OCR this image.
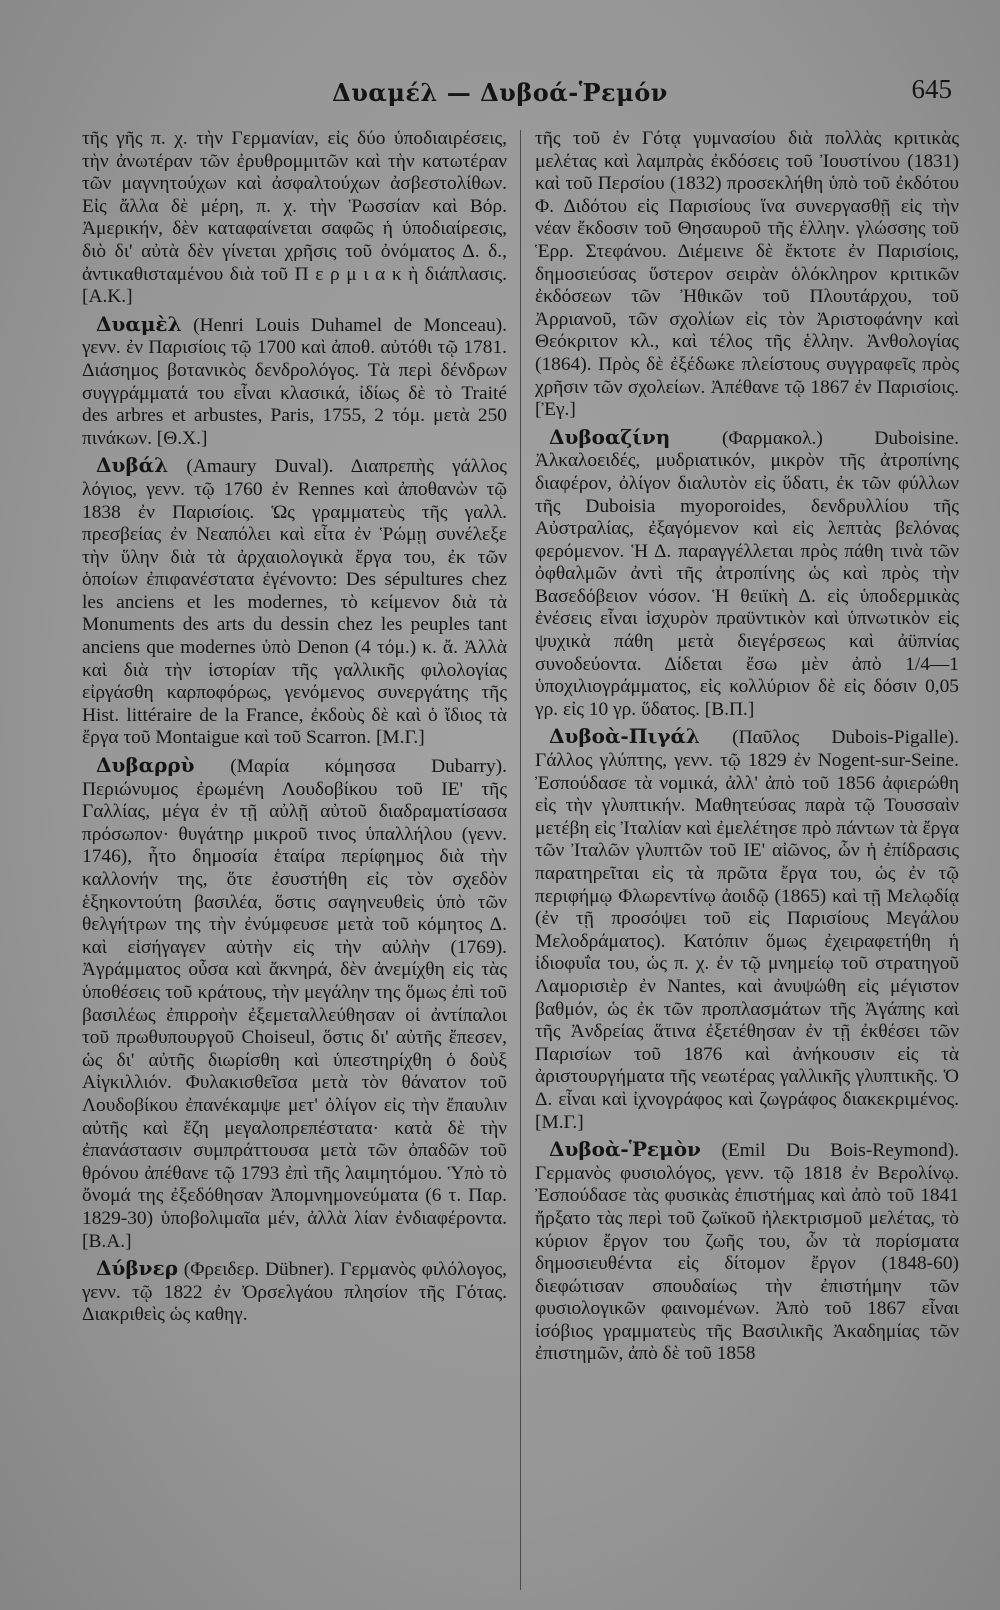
Δυαμέλ — Δυβοά-Ῥεμόν	645

τῆς γῆς π. χ. τὴν Γερμανίαν, εἰς δύο ὑποδιαιρέσεις, τὴν ἀνωτέραν τῶν ἐρυθρομμιτῶν καὶ τὴν κατωτέραν τῶν μαγνητούχων καὶ ἀσφαλτούχων ἀσβεστολίθων. Εἰς ἄλλα δὲ μέρη, π. χ. τὴν Ῥωσσίαν καὶ Βόρ. Ἀμερικήν, δὲν καταφαίνεται σαφῶς ἡ ὑποδιαίρεσις, διὸ δι' αὐτὰ δὲν γίνεται χρῆσις τοῦ ὀνόματος Δ. δ., ἀντικαθισταμένου διὰ τοῦ Π ε ρ μ ι α κ ὴ διάπλασις. [Α.Κ.]

Δυαμὲλ (Henri Louis Duhamel de Monceau). γενν. ἐν Παρισίοις τῷ 1700 καὶ ἀποθ. αὐτόθι τῷ 1781. Διάσημος βοτανικὸς δενδρολόγος. Τὰ περὶ δένδρων συγγράμματά του εἶναι κλασικά, ἰδίως δὲ τὸ Traité des arbres et arbustes, Paris, 1755, 2 τόμ. μετὰ 250 πινάκων. [Θ.Χ.]

Δυβάλ (Amaury Duval). Διαπρεπὴς γάλλος λόγιος, γενν. τῷ 1760 ἐν Rennes καὶ ἀποθανὼν τῷ 1838 ἐν Παρισίοις. Ὡς γραμματεὺς τῆς γαλλ. πρεσβείας ἐν Νεαπόλει καὶ εἶτα ἐν Ῥώμῃ συνέλεξε τὴν ὕλην διὰ τὰ ἀρχαιολογικὰ ἔργα του, ἐκ τῶν ὁποίων ἐπιφανέστατα ἐγένοντο: Des sépultures chez les anciens et les modernes, τὸ κείμενον διὰ τὰ Monuments des arts du dessin chez les peuples tant anciens que modernes ὑπὸ Denon (4 τόμ.) κ. ἄ. Ἀλλὰ καὶ διὰ τὴν ἱστορίαν τῆς γαλλικῆς φιλολογίας εἰργάσθη καρποφόρως, γενόμενος συνεργάτης τῆς Hist. littéraire de la France, ἐκδοὺς δὲ καὶ ὁ ἴδιος τὰ ἔργα τοῦ Montaigue καὶ τοῦ Scarron. [Μ.Γ.]

Δυβαρρὺ (Μαρία κόμησσα Dubarry). Περιώνυμος ἐρωμένη Λουδοβίκου τοῦ ΙΕ' τῆς Γαλλίας, μέγα ἐν τῇ αὐλῇ αὐτοῦ διαδραματίσασα πρόσωπον· θυγάτηρ μικροῦ τινος ὑπαλλήλου (γενν. 1746), ἦτο δημοσία ἑταίρα περίφημος διὰ τὴν καλλονήν της, ὅτε ἐσυστήθη εἰς τὸν σχεδὸν ἑξηκοντούτη βασιλέα, ὅστις σαγηνευθεὶς ὑπὸ τῶν θελγήτρων της τὴν ἐνύμφευσε μετὰ τοῦ κόμητος Δ. καὶ εἰσήγαγεν αὐτὴν εἰς τὴν αὐλὴν (1769). Ἀγράμματος οὖσα καὶ ἄκνηρά, δὲν ἀνεμίχθη εἰς τὰς ὑποθέσεις τοῦ κράτους, τὴν μεγάλην της ὅμως ἐπὶ τοῦ βασιλέως ἐπιρροὴν ἐξεμεταλλεύθησαν οἱ ἀντίπαλοι τοῦ πρωθυπουργοῦ Choiseul, ὅστις δι' αὐτῆς ἔπεσεν, ὡς δι' αὐτῆς διωρίσθη καὶ ὑπεστηρίχθη ὁ δοὺξ Αἰγκιλλιόν. Φυλακισθεῖσα μετὰ τὸν θάνατον τοῦ Λουδοβίκου ἐπανέκαμψε μετ' ὀλίγον εἰς τὴν ἔπαυλιν αὐτῆς καὶ ἔζη μεγαλοπρεπέστατα· κατὰ δὲ τὴν ἐπανάστασιν συμπράττουσα μετὰ τῶν ὀπαδῶν τοῦ θρόνου ἀπέθανε τῷ 1793 ἐπὶ τῆς λαιμητόμου. Ὑπὸ τὸ ὄνομά της ἐξεδόθησαν Ἀπομνημονεύματα (6 τ. Παρ. 1829-30) ὑποβολιμαῖα μέν, ἀλλὰ λίαν ἐνδιαφέροντα. [Β.Α.]

Δύβνερ (Φρειδερ. Dübner). Γερμανὸς φιλόλογος, γενν. τῷ 1822 ἐν Ὀρσελγάου πλησίον τῆς Γότας. Διακριθεὶς ὡς καθηγ.

τῆς τοῦ ἐν Γότᾳ γυμνασίου διὰ πολλὰς κριτικὰς μελέτας καὶ λαμπρὰς ἐκδόσεις τοῦ Ἰουστίνου (1831) καὶ τοῦ Περσίου (1832) προσεκλήθη ὑπὸ τοῦ ἐκδότου Φ. Διδότου εἰς Παρισίους ἵνα συνεργασθῇ εἰς τὴν νέαν ἔκδοσιν τοῦ Θησαυροῦ τῆς ἑλλην. γλώσσης τοῦ Ἑρρ. Στεφάνου. Διέμεινε δὲ ἔκτοτε ἐν Παρισίοις, δημοσιεύσας ὕστερον σειρὰν ὁλόκληρον κριτικῶν ἐκδόσεων τῶν Ἠθικῶν τοῦ Πλουτάρχου, τοῦ Ἀρριανοῦ, τῶν σχολίων εἰς τὸν Ἀριστοφάνην καὶ Θεόκριτον κλ., καὶ τέλος τῆς ἑλλην. Ἀνθολογίας (1864). Πρὸς δὲ ἐξέδωκε πλείστους συγγραφεῖς πρὸς χρῆσιν τῶν σχολείων. Ἀπέθανε τῷ 1867 ἐν Παρισίοις. [Ἐγ.]

Δυβοαζίνη	(Φαρμακολ.) Duboisine. Ἀλκαλοειδές, μυδριατικόν, μικρὸν τῆς ἀτροπίνης διαφέρον, ὀλίγον διαλυτὸν εἰς ὕδατι, ἐκ τῶν φύλλων τῆς Dubοisia myoporoides, δενδρυλλίου τῆς Αὐστραλίας, ἐξαγόμενον καὶ εἰς λεπτὰς βελόνας φερόμενον. Ἡ Δ. παραγγέλλεται πρὸς πάθη τινὰ τῶν ὀφθαλμῶν ἀντὶ τῆς ἀτροπίνης ὡς καὶ πρὸς τὴν Βασεδόβειον νόσον. Ἡ θειϊκὴ Δ. εἰς ὑποδερμικὰς ἐνέσεις εἶναι ἰσχυρὸν πραϋντικὸν καὶ ὑπνωτικὸν εἰς ψυχικὰ πάθη μετὰ διεγέρσεως καὶ ἀϋπνίας συνοδεύοντα. Δίδεται ἔσω μὲν ἀπὸ 1/4—1 ὑποχιλιογράμματος, εἰς κολλύριον δὲ εἰς δόσιν 0,05 γρ. εἰς 10 γρ. ὕδατος. [Β.Π.]

Δυβοὰ-Πιγάλ (Παῦλος Dubois-Pigalle). Γάλλος γλύπτης, γενν. τῷ 1829 ἐν Nogent-sur-Seine. Ἐσπούδασε τὰ νομικά, ἀλλ' ἀπὸ τοῦ 1856 ἀφιερώθη εἰς τὴν γλυπτικήν. Μαθητεύσας παρὰ τῷ Τουσσαὶν μετέβη εἰς Ἰταλίαν καὶ ἐμελέτησε πρὸ πάντων τὰ ἔργα τῶν Ἰταλῶν γλυπτῶν τοῦ ΙΕ' αἰῶνος, ὧν ἡ ἐπίδρασις παρατηρεῖται εἰς τὰ πρῶτα ἔργα του, ὡς ἐν τῷ περιφήμῳ Φλωρεντίνῳ ἀοιδῷ (1865) καὶ τῇ Μελῳδίᾳ (ἐν τῇ προσόψει τοῦ εἰς Παρισίους Μεγάλου Μελοδράματος). Κατόπιν ὅμως ἐχειραφετήθη ἡ ἰδιοφυΐα του, ὡς π. χ. ἐν τῷ μνημείῳ τοῦ στρατηγοῦ Λαμορισιὲρ ἐν Nantes, καὶ ἀνυψώθη εἰς μέγιστον βαθμόν, ὡς ἐκ τῶν προπλασμάτων τῆς Ἀγάπης καὶ τῆς Ἀνδρείας ἅτινα ἐξετέθησαν ἐν τῇ ἐκθέσει τῶν Παρισίων τοῦ 1876 καὶ ἀνήκουσιν εἰς τὰ ἀριστουργήματα τῆς νεωτέρας γαλλικῆς γλυπτικῆς. Ὁ Δ. εἶναι καὶ ἰχνογράφος καὶ ζωγράφος διακεκριμένος. [Μ.Γ.]

Δυβοὰ-Ῥεμὸν (Emil Du Bois-Reymond). Γερμανὸς φυσιολόγος, γενν. τῷ 1818 ἐν Βερολίνῳ. Ἐσπούδασε τὰς φυσικὰς ἐπιστήμας καὶ ἀπὸ τοῦ 1841 ἤρξατο τὰς περὶ τοῦ ζωϊκοῦ ἠλεκτρισμοῦ μελέτας, τὸ κύριον ἔργον του ζωῆς του, ὧν τὰ πορίσματα δημοσιευθέντα εἰς δίτομον ἔργον (1848-60) διεφώτισαν σπουδαίως τὴν ἐπιστήμην τῶν φυσιολογικῶν φαινομένων. Ἀπὸ τοῦ 1867 εἶναι ἰσόβιος γραμματεὺς τῆς Βασιλικῆς Ἀκαδημίας τῶν ἐπιστημῶν, ἀπὸ δὲ τοῦ 1858
